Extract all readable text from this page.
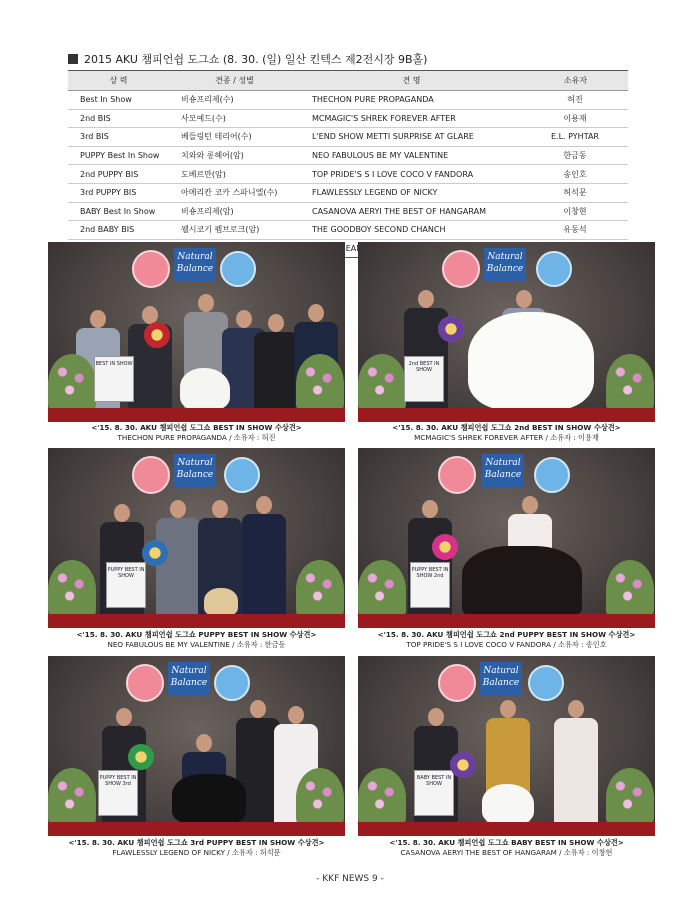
2015 AKU 챔피언쉽 도그쇼 (8. 30. (일) 일산 킨텍스 제2전시장 9B홀)
상 력	견종 / 성별	견 명	소유자
Best In Show	비숑프리제(수)	THECHON PURE PROPAGANDA	허진
2nd BIS	사모예드(수)	MCMAGIC'S SHREK FOREVER AFTER	이용재
3rd BIS	베들링턴 테리어(수)	L'END SHOW METTI SURPRISE AT GLARE	E.L. PYHTAR
PUPPY Best In Show	치와와 롱헤어(암)	NEO FABULOUS BE MY VALENTINE	한금동
2nd PUPPY BIS	도베르만(암)	TOP PRIDE'S S I LOVE COCO V FANDORA	송인호
3rd PUPPY BIS	아메리칸 코카 스파니엘(수)	FLAWLESSLY LEGEND OF NICKY	허석문
BABY Best In Show	비숑프리제(암)	CASANOVA AERYI THE BEST OF HANGARAM	이창현
2nd BABY BIS	웰시코기 펨브로크(암)	THE GOODBOY SECOND CHANCH	유동석

Natural Balance
BEST IN SHOW
Natural Balance
2nd BEST IN SHOW
Natural Balance
PUPPY BEST IN SHOW
Natural Balance
PUPPY BEST IN SHOW 2nd
Natural Balance
PUPPY BEST IN SHOW 3rd
Natural Balance
BABY BEST IN SHOW
<'15. 8. 30. AKU 챔피언쉽 도그쇼 BEST IN SHOW 수상견>
THECHON PURE PROPAGANDA / 소유자 : 허진
<'15. 8. 30. AKU 챔피언쉽 도그쇼 2nd BEST IN SHOW 수상견>
MCMAGIC'S SHREK FOREVER AFTER / 소유자 : 이용재
<'15. 8. 30. AKU 챔피언쉽 도그쇼 PUPPY BEST IN SHOW 수상견>
NEO FABULOUS BE MY VALENTINE / 소유자 : 한금동
<'15. 8. 30. AKU 챔피언쉽 도그쇼 2nd PUPPY BEST IN SHOW 수상견>
TOP PRIDE'S S I LOVE COCO V FANDORA / 소유자 : 송인호
<'15. 8. 30. AKU 챔피언쉽 도그쇼 3rd PUPPY BEST IN SHOW 수상견>
FLAWLESSLY LEGEND OF NICKY / 소유자 : 허석문
<'15. 8. 30. AKU 챔피언쉽 도그쇼 BABY BEST IN SHOW 수상견>
CASANOVA AERYI THE BEST OF HANGARAM / 소유자 : 이창현
- KKF NEWS 9 -
